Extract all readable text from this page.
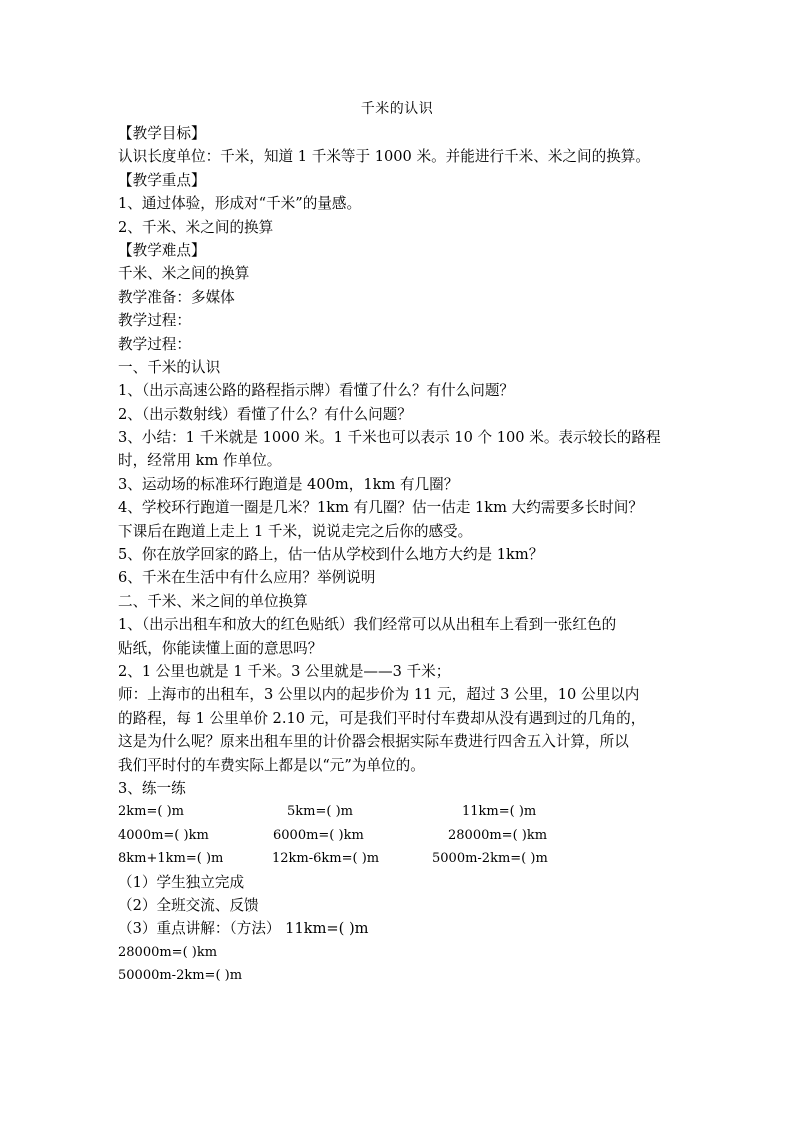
千米的认识
【教学目标】
认识长度单位：千米，知道 1 千米等于 1000 米。并能进行千米、米之间的换算。
【教学重点】
1、通过体验，形成对“千米”的量感。
2、千米、米之间的换算
【教学难点】
千米、米之间的换算
教学准备：多媒体
教学过程：
教学过程：
一、千米的认识
1、（出示高速公路的路程指示牌）看懂了什么？有什么问题？
2、（出示数射线）看懂了什么？有什么问题？
3、小结：1 千米就是 1000 米。1 千米也可以表示 10 个 100 米。表示较长的路程
时，经常用 km 作单位。
3、运动场的标准环行跑道是 400m，1km 有几圈？
4、学校环行跑道一圈是几米？1km 有几圈？估一估走 1km 大约需要多长时间？
下课后在跑道上走上 1 千米，说说走完之后你的感受。
5、你在放学回家的路上，估一估从学校到什么地方大约是 1km？
6、千米在生活中有什么应用？举例说明
二、千米、米之间的单位换算
1、（出示出租车和放大的红色贴纸）我们经常可以从出租车上看到一张红色的
贴纸，你能读懂上面的意思吗？
2、1 公里也就是 1 千米。3 公里就是——3 千米；
师：上海市的出租车，3 公里以内的起步价为 11 元，超过 3 公里，10 公里以内
的路程，每 1 公里单价 2.10 元，可是我们平时付车费却从没有遇到过的几角的，
这是为什么呢？原来出租车里的计价器会根据实际车费进行四舍五入计算，所以
我们平时付的车费实际上都是以“元”为单位的。
3、练一练
2km=( )m	5km=( )m	11km=( )m
4000m=( )km	6000m=( )km	28000m=( )km
8km+1km=( )m	12km-6km=( )m	5000m-2km=( )m
（1）学生独立完成
（2）全班交流、反馈
（3）重点讲解：（方法） 11km=( )m
28000m=( )km
50000m-2km=( )m
